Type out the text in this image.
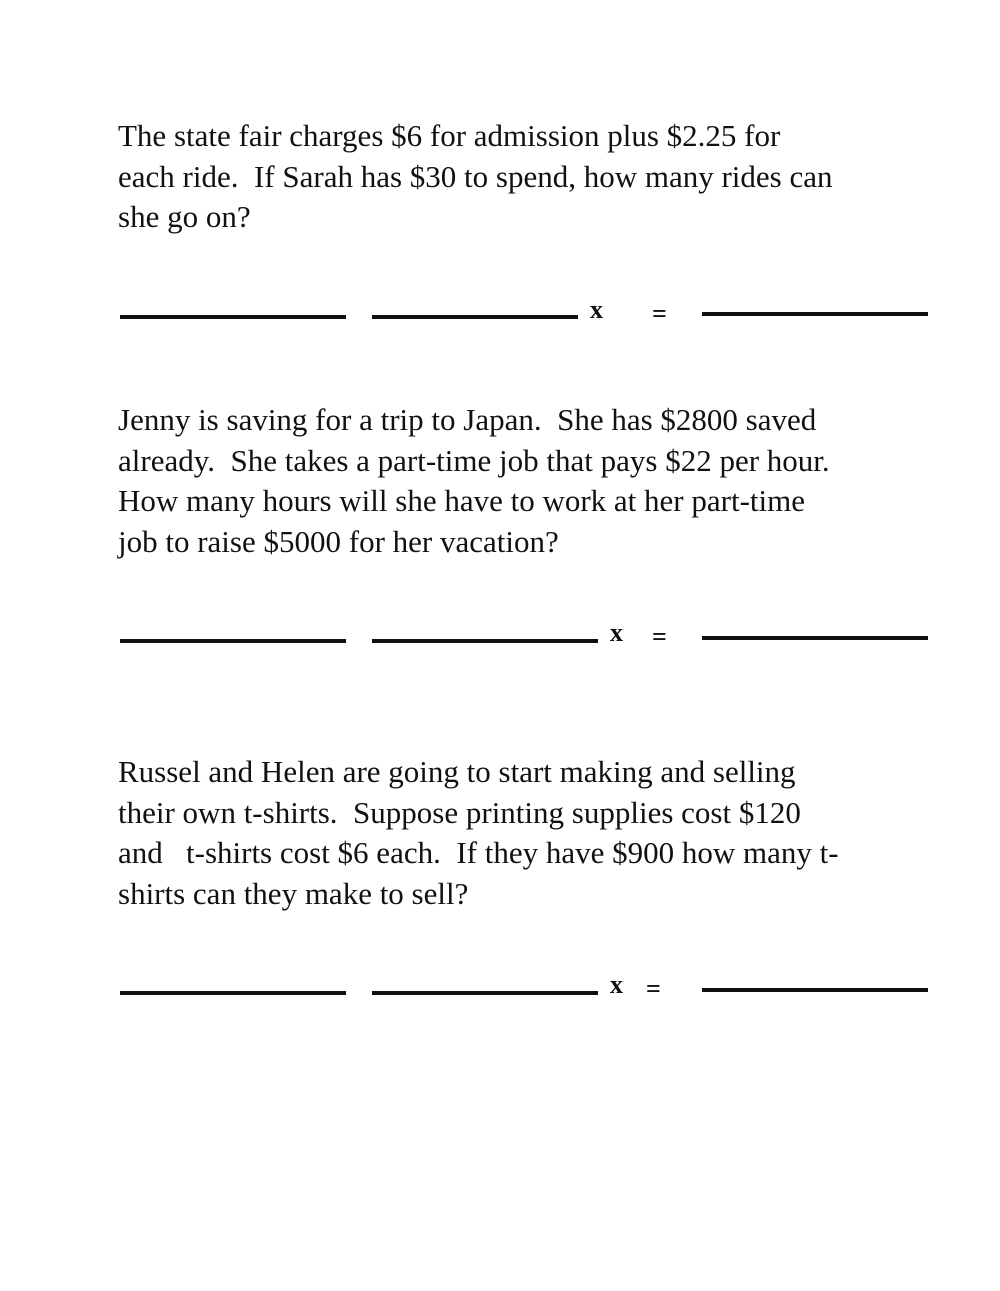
The state fair charges $6 for admission plus $2.25 for
each ride.  If Sarah has $30 to spend, how many rides can
she go on?

x =

Jenny is saving for a trip to Japan.  She has $2800 saved
already.  She takes a part-time job that pays $22 per hour.
How many hours will she have to work at her part-time
job to raise $5000 for her vacation?

x =

Russel and Helen are going to start making and selling
their own t-shirts.  Suppose printing supplies cost $120
and   t-shirts cost $6 each.  If they have $900 how many t-
shirts can they make to sell?

x =
